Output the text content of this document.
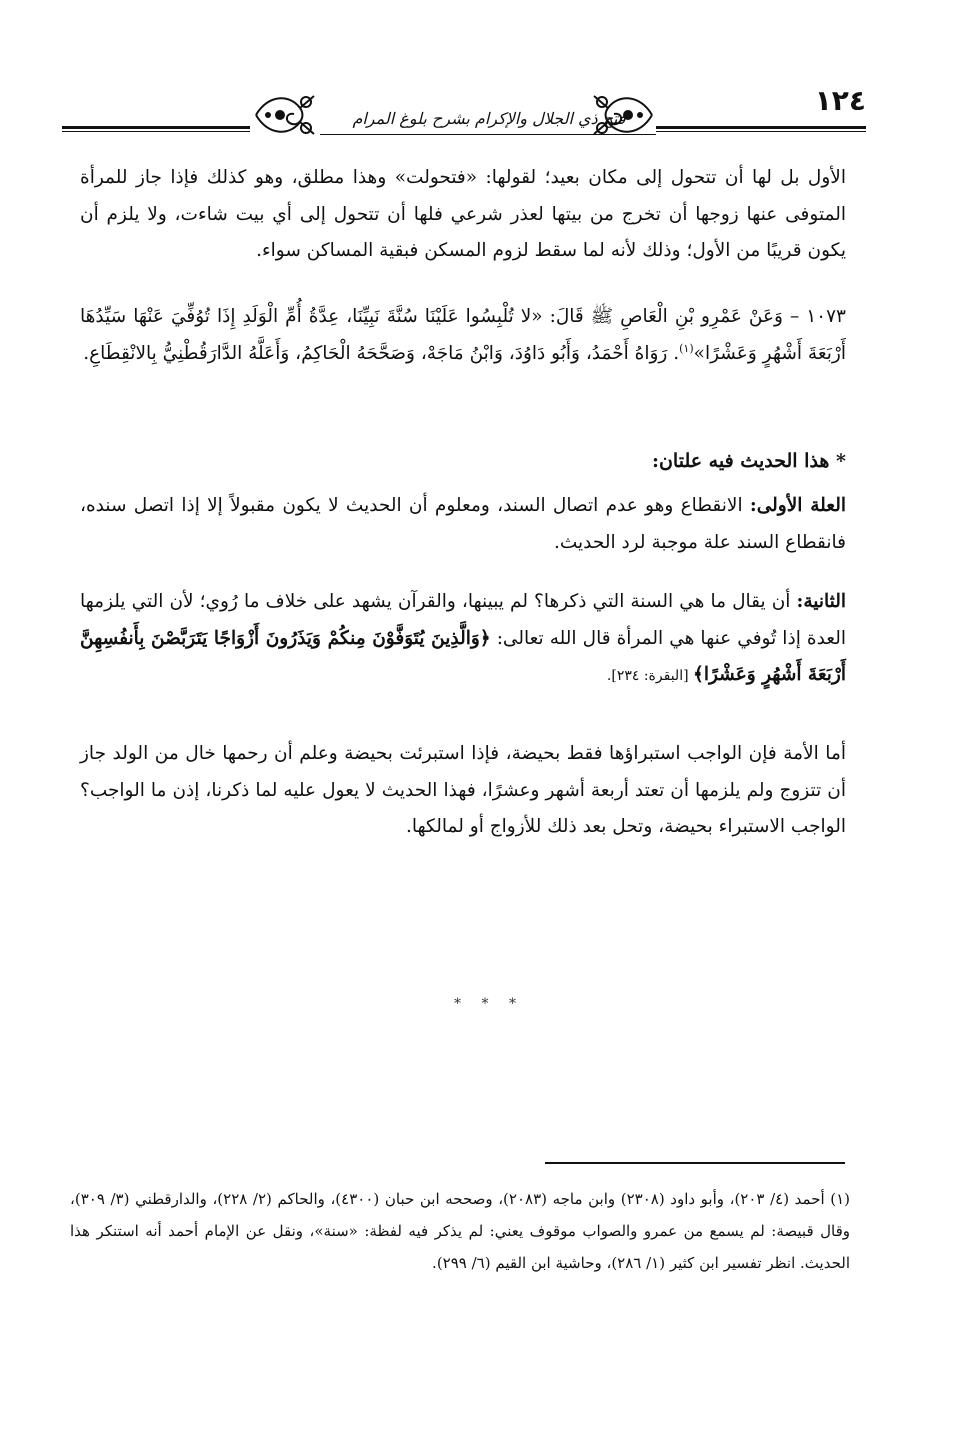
١٢٤
فتح ذي الجلال والإكرام بشرح بلوغ المرام
الأول بل لها أن تتحول إلى مكان بعيد؛ لقولها: «فتحولت» وهذا مطلق، وهو كذلك فإذا جاز للمرأة المتوفى عنها زوجها أن تخرج من بيتها لعذر شرعي فلها أن تتحول إلى أي بيت شاءت، ولا يلزم أن يكون قريبًا من الأول؛ وذلك لأنه لما سقط لزوم المسكن فبقية المساكن سواء.
١٠٧٣ – وَعَنْ عَمْرِو بْنِ الْعَاصِ ﷺ قَالَ: «لا تُلْبِسُوا عَلَيْنَا سُنَّةَ نَبِيِّنَا، عِدَّةُ أُمِّ الْوَلَدِ إِذَا تُوُفِّيَ عَنْهَا سَيِّدُهَا أَرْبَعَةَ أَشْهُرٍ وَعَشْرًا»$^{(١)}$. رَوَاهُ أَحْمَدُ، وَأَبُو دَاوُدَ، وَابْنُ مَاجَهْ، وَصَحَّحَهُ الْحَاكِمُ، وَأَعَلَّهُ الدَّارَقُطْنِيُّ بِالانْقِطَاعِ.
* هذا الحديث فيه علتان:
العلة الأولى: الانقطاع وهو عدم اتصال السند، ومعلوم أن الحديث لا يكون مقبولاً إلا إذا اتصل سنده، فانقطاع السند علة موجبة لرد الحديث.
الثانية: أن يقال ما هي السنة التي ذكرها؟ لم يبينها، والقرآن يشهد على خلاف ما رُوي؛ لأن التي يلزمها العدة إذا تُوفي عنها هي المرأة قال الله تعالى: ﴿وَالَّذِينَ يُتَوَفَّوْنَ مِنكُمْ وَيَذَرُونَ أَزْوَاجًا يَتَرَبَّصْنَ بِأَنفُسِهِنَّ أَرْبَعَةَ أَشْهُرٍ وَعَشْرًا﴾ [البقرة: ٢٣٤].
أما الأمة فإن الواجب استبراؤها فقط بحيضة، فإذا استبرئت بحيضة وعلم أن رحمها خال من الولد جاز أن تتزوج ولم يلزمها أن تعتد أربعة أشهر وعشرًا، فهذا الحديث لا يعول عليه لما ذكرنا، إذن ما الواجب؟ الواجب الاستبراء بحيضة، وتحل بعد ذلك للأزواج أو لمالكها.
* * *
(١) أحمد (٤/ ٢٠٣)، وأبو داود (٢٣٠٨) وابن ماجه (٢٠٨٣)، وصححه ابن حبان (٤٣٠٠)، والحاكم (٢/ ٢٢٨)، والدارقطني (٣/ ٣٠٩)، وقال قبيصة: لم يسمع من عمرو والصواب موقوف يعني: لم يذكر فيه لفظة: «سنة»، ونقل عن الإمام أحمد أنه استنكر هذا الحديث. انظر تفسير ابن كثير (١/ ٢٨٦)، وحاشية ابن القيم (٦/ ٢٩٩).
